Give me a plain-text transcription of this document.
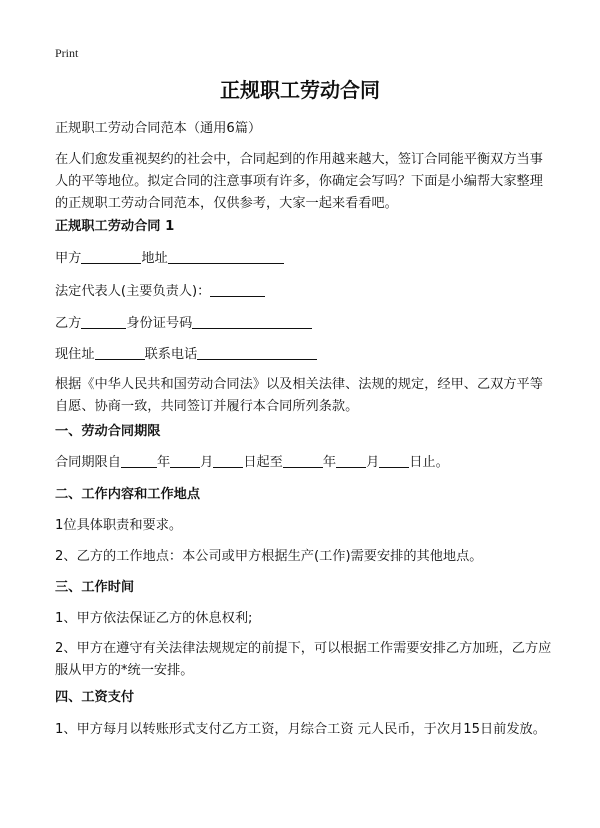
Print

正规职工劳动合同

正规职工劳动合同范本（通用6篇）

在人们愈发重视契约的社会中，合同起到的作用越来越大，签订合同能平衡双方当事人的平等地位。拟定合同的注意事项有许多，你确定会写吗？下面是小编帮大家整理的正规职工劳动合同范本，仅供参考，大家一起来看看吧。

正规职工劳动合同 1

甲方	地址

法定代表人(主要负责人)：

乙方	身份证号码

现住址	联系电话

根据《中华人民共和国劳动合同法》以及相关法律、法规的规定，经甲、乙双方平等自愿、协商一致，共同签订并履行本合同所列条款。

一、劳动合同期限

合同期限自	年 月 日起至	年 月 日止。

二、工作内容和工作地点

1位具体职责和要求。

2、乙方的工作地点：本公司或甲方根据生产(工作)需要安排的其他地点。

三、工作时间

1、甲方依法保证乙方的休息权利;

2、甲方在遵守有关法律法规规定的前提下，可以根据工作需要安排乙方加班，乙方应服从甲方的*统一安排。

四、工资支付

1、甲方每月以转账形式支付乙方工资，月综合工资 元人民币，于次月15日前发放。
